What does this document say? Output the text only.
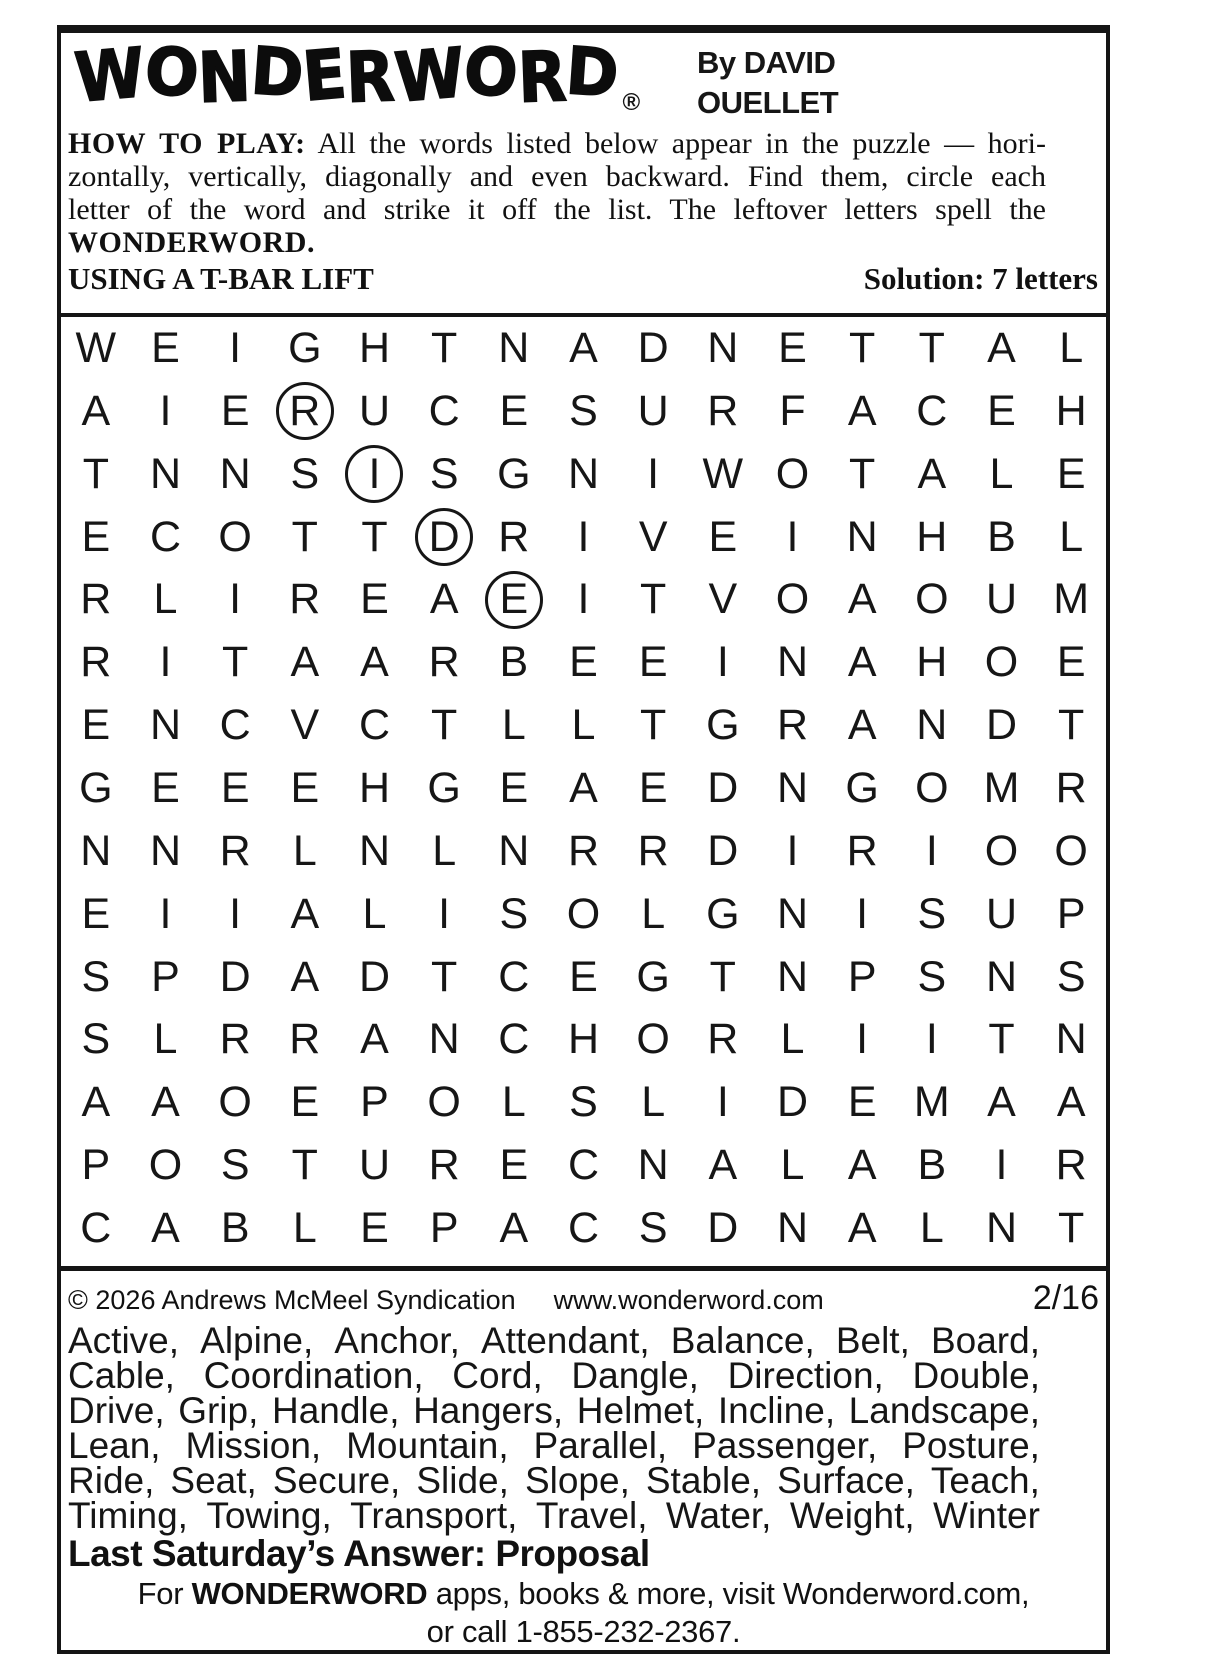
WONDERWORD®
By DAVID
OUELLET
HOW TO PLAY: All the words listed below appear in the puzzle — hori-
zontally, vertically, diagonally and even backward. Find them, circle each
letter of the word and strike it off the list. The leftover letters spell the
WONDERWORD.
USING A T-BAR LIFT	Solution: 7 letters
W E I G H T N A D N E T T A L
A I E R U C E S U R F A C E H
T N N S I S G N I W O T A L E
E C O T T D R I V E I N H B L
R L I R E A E I T V O A O U M
R I T A A R B E E I N A H O E
E N C V C T L L T G R A N D T
G E E E H G E A E D N G O M R
N N R L N L N R R D I R I O O
E I I A L I S O L G N I S U P
S P D A D T C E G T N P S N S
S L R R A N C H O R L I I T N
A A O E P O L S L I D E M A A
P O S T U R E C N A L A B I R
C A B L E P A C S D N A L N T
© 2026 Andrews McMeel Syndication www.wonderword.com	2/16
Active, Alpine, Anchor, Attendant, Balance, Belt, Board,
Cable, Coordination, Cord, Dangle, Direction, Double,
Drive, Grip, Handle, Hangers, Helmet, Incline, Landscape,
Lean, Mission, Mountain, Parallel, Passenger, Posture,
Ride, Seat, Secure, Slide, Slope, Stable, Surface, Teach,
Timing, Towing, Transport, Travel, Water, Weight, Winter
Last Saturday’s Answer: Proposal
For WONDERWORD apps, books & more, visit Wonderword.com,
or call 1-855-232-2367.
